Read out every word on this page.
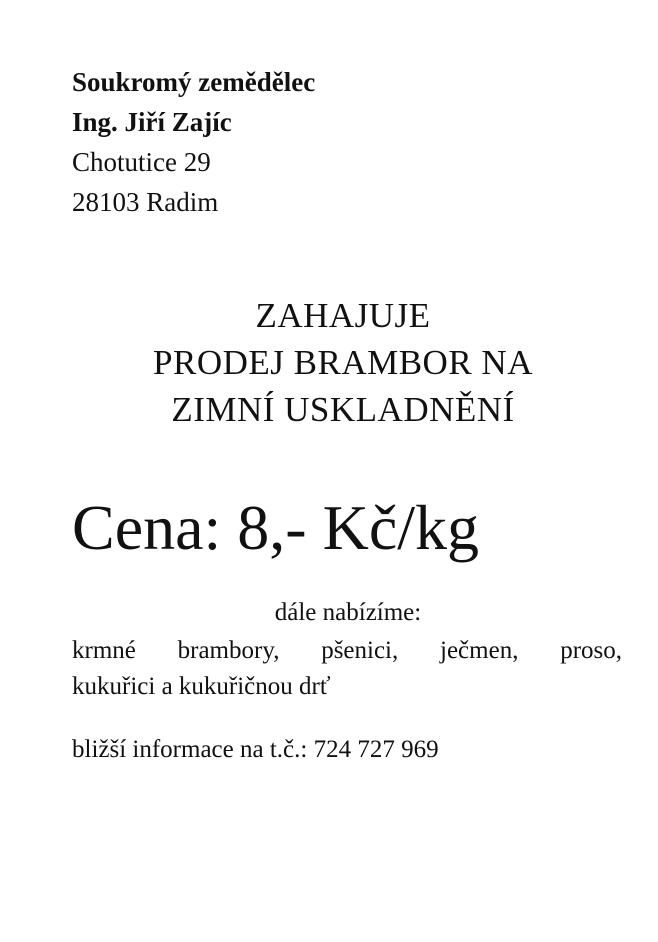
Soukromý zemědělec
Ing. Jiří Zajíc
Chotutice 29
28103 Radim
ZAHAJUJE
PRODEJ BRAMBOR NA
ZIMNÍ USKLADNĚNÍ
Cena: 8,- Kč/kg
dále nabízíme:
krmné brambory, pšenici, ječmen, proso,
kukuřici a kukuřičnou drť
bližší informace na t.č.: 724 727 969
